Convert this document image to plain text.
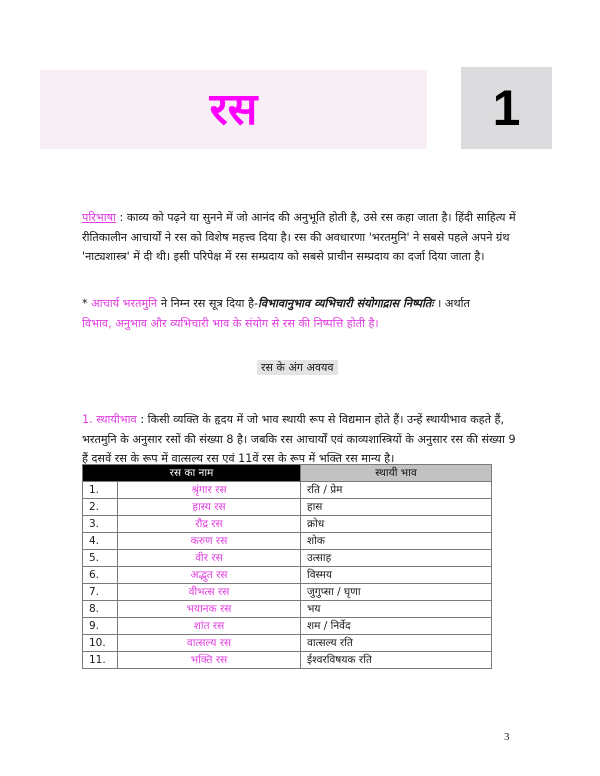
रस	1
परिभाषा : काव्य को पढ़ने या सुनने में जो आनंद की अनुभूति होती है, उसे रस कहा जाता है। हिंदी साहित्य में रीतिकालीन आचार्यों ने रस को विशेष महत्त्व दिया है। रस की अवधारणा 'भरतमुनि' ने सबसे पहले अपने ग्रंथ 'नाट्यशास्त्र' में दी थी। इसी परिपेक्ष में रस सम्प्रदाय को सबसे प्राचीन सम्प्रदाय का दर्जा दिया जाता है।
* आचार्य भरतमुनि ने निम्न रस सूत्र दिया है-विभावानुभाव व्यभिचारी संयोगाद्रास निष्पतिः । अर्थात
विभाव, अनुभाव और व्यभिचारी भाव के संयोग से रस की निष्पत्ति होती है।
रस के अंग अवयव
1. स्थायीभाव : किसी व्यक्ति के हृदय में जो भाव स्थायी रूप से विद्यमान होते हैं। उन्हें स्थायीभाव कहते हैं, भरतमुनि के अनुसार रसों की संख्या 8 है। जबकि रस आचार्यों एवं काव्यशास्त्रियों के अनुसार रस की संख्या 9 हैं दसवें रस के रूप में वात्सल्य रस एवं 11वें रस के रूप में भक्ति रस मान्य है।
रस का नाम		स्थायी भाव
1.	श्रृंगार रस	रति / प्रेम
2.	हास्य रस	हास
3.	रौद्र रस	क्रोध
4.	करुण रस	शोक
5.	वीर रस	उत्साह
6.	अद्भुत रस	विस्मय
7.	वीभत्स रस	जुगुप्सा / घृणा
8.	भयानक रस	भय
9.	शांत रस	शम / निर्वेद
10.	वात्सल्य रस	वात्सल्य रति
11.	भक्ति रस	ईश्वरविषयक रति
3
